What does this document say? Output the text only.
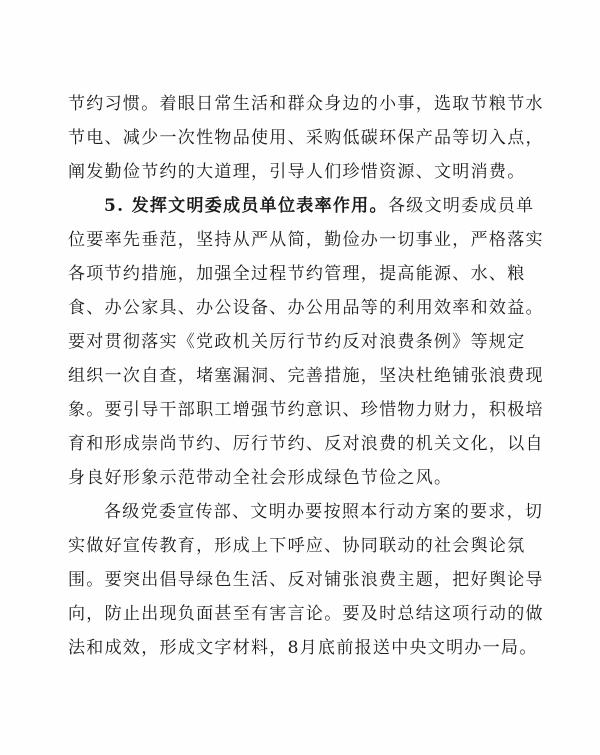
节约习惯。着眼日常生活和群众身边的小事，选取节粮节水
节电、减少一次性物品使用、采购低碳环保产品等切入点，
阐发勤俭节约的大道理，引导人们珍惜资源、文明消费。
5. 发挥文明委成员单位表率作用。 各级文明委成员单
位要率先垂范，坚持从严从简，勤俭办一切事业，严格落实
各项节约措施，加强全过程节约管理，提高能源、水、粮
食、办公家具、办公设备、办公用品等的利用效率和效益。
要对贯彻落实《党政机关厉行节约反对浪费条例》等规定
组织一次自查，堵塞漏洞、完善措施，坚决杜绝铺张浪费现
象。要引导干部职工增强节约意识、珍惜物力财力，积极培
育和形成崇尚节约、厉行节约、反对浪费的机关文化，以自
身良好形象示范带动全社会形成绿色节俭之风。
各级党委宣传部、文明办要按照本行动方案的要求，切
实做好宣传教育，形成上下呼应、协同联动的社会舆论氛
围。要突出倡导绿色生活、反对铺张浪费主题，把好舆论导
向，防止出现负面甚至有害言论。要及时总结这项行动的做
法和成效，形成文字材料，8月底前报送中央文明办一局。
